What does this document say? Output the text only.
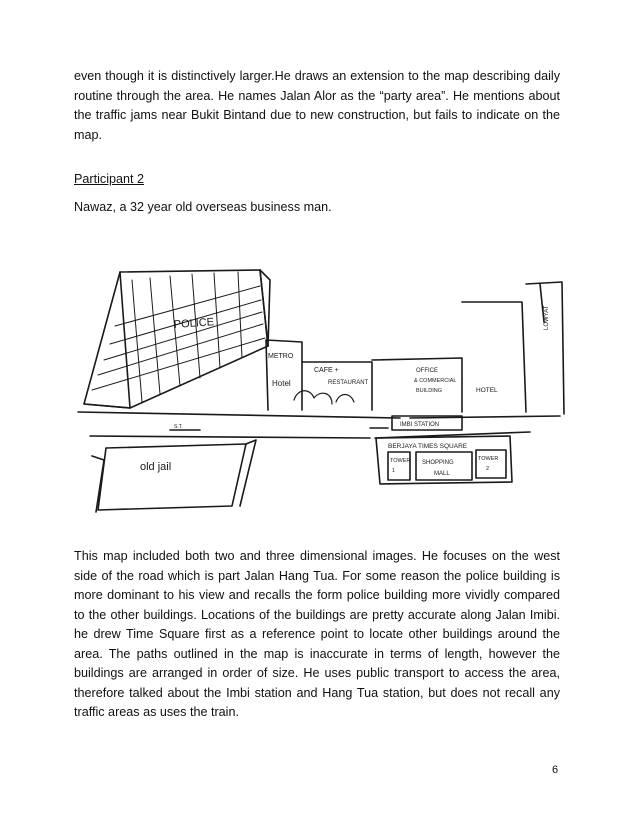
even though it is distinctively larger.He draws an extension to the map describing daily routine through the area. He names Jalan Alor as the “party area”. He mentions about the traffic jams near Bukit Bintand due to new construction, but fails to indicate on the map.
Participant 2
Nawaz, a 32 year old overseas business man.
POLICE
METRO
Hotel
CAFE +
RESTAURANT
OFFICE
& COMMERCIAL
BUILDING	HOTEL
LOWYAT
IMBI STATION
BERJAYA TIMES SQUARE
TOWER
1
SHOPPING
MALL
TOWER
2
old jail
S.T.
This map included both two and three dimensional images. He focuses on the west side of the road which is part Jalan Hang Tua. For some reason the police building is more dominant to his view and recalls the form police building more vividly compared to the other buildings. Locations of the buildings are pretty accurate along Jalan Imibi. he drew Time Square first as a reference point to locate other buildings around the area. The paths outlined in the map is inaccurate in terms of length, however the buildings are arranged in order of size. He uses public transport to access the area, therefore talked about the Imbi station and Hang Tua station, but does not recall any traffic areas as uses the train.
6
